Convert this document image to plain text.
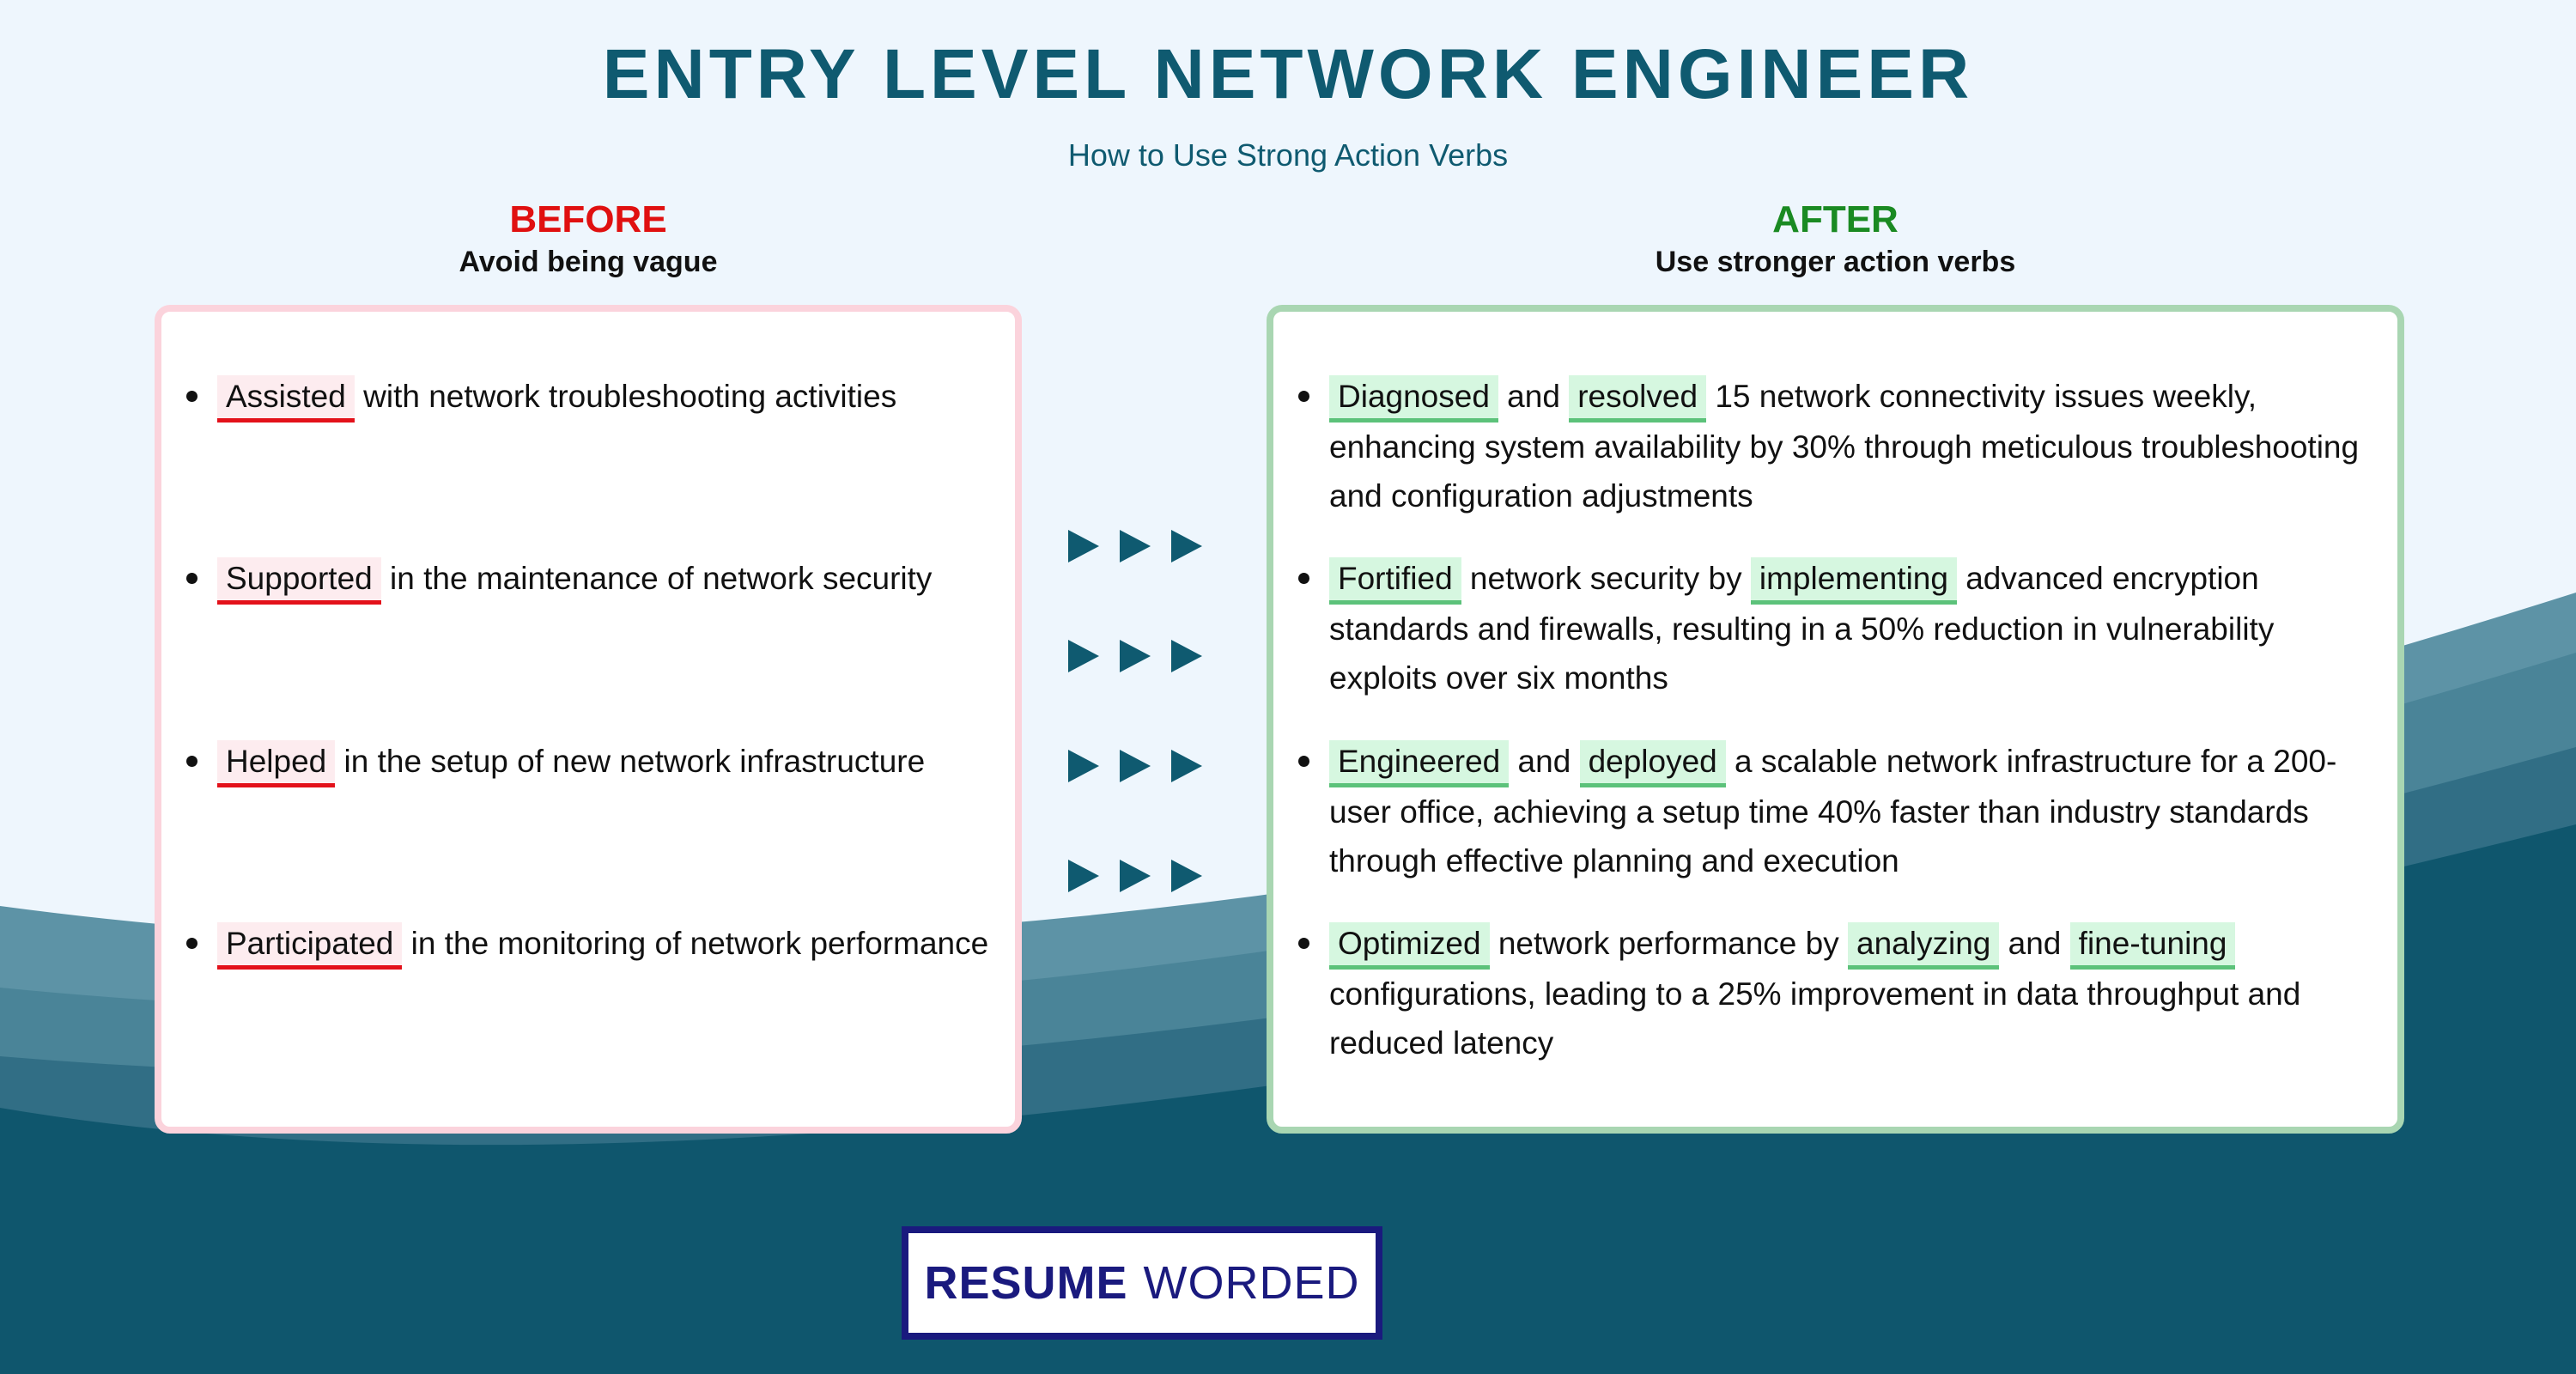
ENTRY LEVEL NETWORK ENGINEER
How to Use Strong Action Verbs
BEFORE
Avoid being vague
AFTER
Use stronger action verbs
Assisted with network troubleshooting activities
Supported in the maintenance of network security
Helped in the setup of new network infrastructure
Participated in the monitoring of network performance
Diagnosed and resolved 15 network connectivity issues weekly, enhancing system availability by 30% through meticulous troubleshooting and configuration adjustments
Fortified network security by implementing advanced encryption standards and firewalls, resulting in a 50% reduction in vulnerability exploits over six months
Engineered and deployed a scalable network infrastructure for a 200-user office, achieving a setup time 40% faster than industry standards through effective planning and execution
Optimized network performance by analyzing and fine-tuning configurations, leading to a 25% improvement in data throughput and reduced latency
RESUME WORDED
